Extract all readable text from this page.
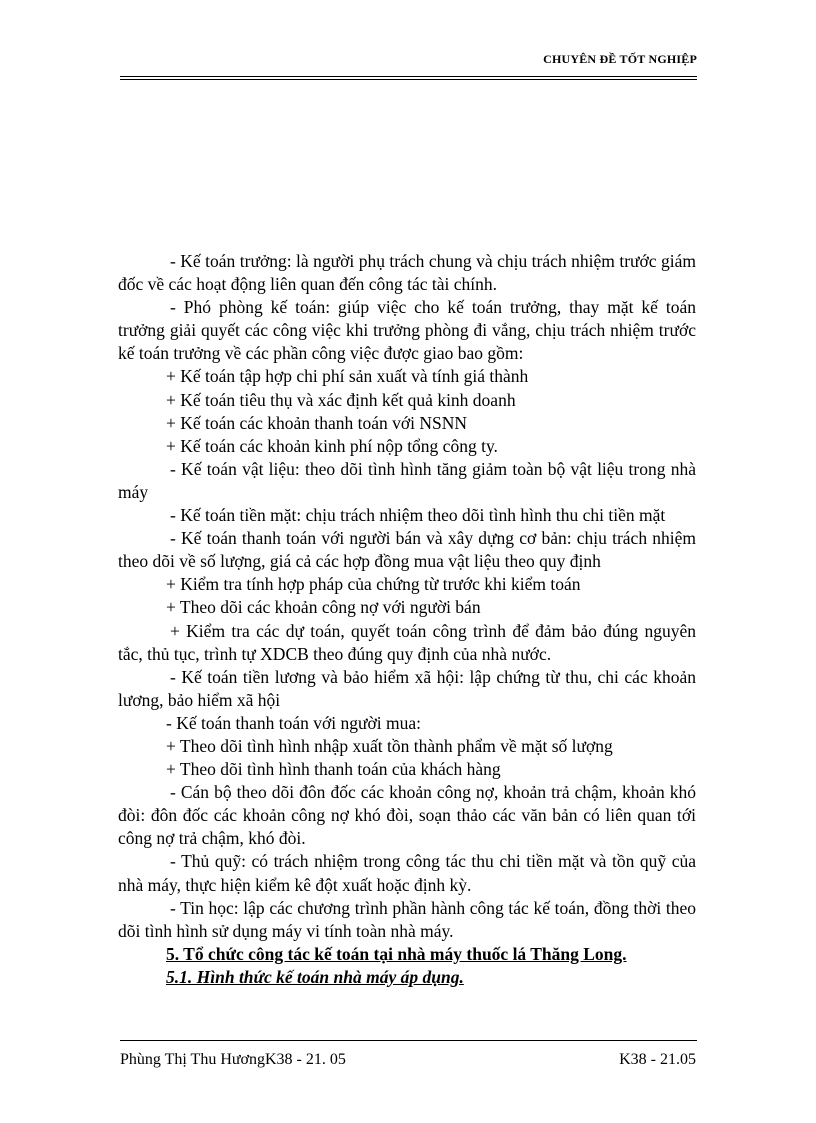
CHUYÊN ĐỀ TỐT NGHIỆP

- Kế toán trưởng: là người phụ trách chung và chịu trách nhiệm trước giám đốc về các hoạt động liên quan đến công tác tài chính.

- Phó phòng kế toán: giúp việc cho kế toán trưởng, thay mặt kế toán trưởng giải quyết các công việc khi trưởng phòng đi vắng, chịu trách nhiệm trước kế toán trưởng về các phần công việc được giao bao gồm:

+ Kế toán tập hợp chi phí sản xuất và tính giá thành

+ Kế toán tiêu thụ và xác định kết quả kinh doanh

+ Kế toán các khoản thanh toán với NSNN

+ Kế toán các khoản kinh phí nộp tổng công ty.

- Kế toán vật liệu: theo dõi tình hình tăng giảm toàn bộ vật liệu trong nhà máy

- Kế toán tiền mặt: chịu trách nhiệm theo dõi tình hình thu chi tiền mặt

- Kế toán thanh toán với người bán và xây dựng cơ bản: chịu trách nhiệm theo dõi về số lượng, giá cả các hợp đồng mua vật liệu theo quy định

+ Kiểm tra tính hợp pháp của chứng từ trước khi kiểm toán

+ Theo dõi các khoản công nợ với người bán

+ Kiểm tra các dự toán, quyết toán công trình để đảm bảo đúng nguyên tắc, thủ tục, trình tự XDCB theo đúng quy định của nhà nước.

- Kế toán tiền lương và bảo hiểm xã hội: lập chứng từ thu, chi các khoản lương, bảo hiểm xã hội

- Kế toán thanh toán với người mua:

+ Theo dõi tình hình nhập xuất tồn thành phẩm về mặt số lượng

+ Theo dõi tình hình thanh toán của khách hàng

- Cán bộ theo dõi đôn đốc các khoản công nợ, khoản trả chậm, khoản khó đòi: đôn đốc các khoản công nợ khó đòi, soạn thảo các văn bản có liên quan tới công nợ trả chậm, khó đòi.

- Thủ quỹ: có trách nhiệm trong công tác thu chi tiền mặt và tồn quỹ của nhà máy, thực hiện kiểm kê đột xuất hoặc định kỳ.

- Tin học: lập các chương trình phần hành công tác kế toán, đồng thời theo dõi tình hình sử dụng máy vi tính toàn nhà máy.

5. Tổ chức công tác kế toán tại nhà máy thuốc lá Thăng Long.

5.1. Hình thức kế toán nhà máy áp dụng.

Phùng Thị Thu HươngK38 - 21. 05	K38 - 21.05
